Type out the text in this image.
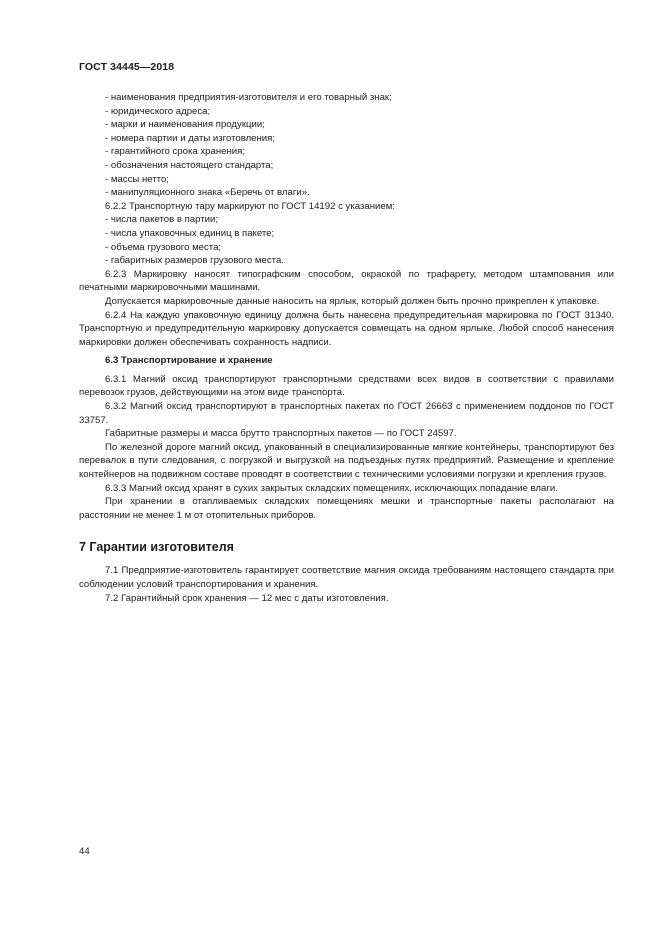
ГОСТ 34445—2018

- наименования предприятия-изготовителя и его товарный знак;

- юридического адреса;

- марки и наименования продукции;

- номера партии и даты изготовления;

- гарантийного срока хранения;

- обозначения настоящего стандарта;

- массы нетто;

- манипуляционного знака «Беречь от влаги».

6.2.2 Транспортную тару маркируют по ГОСТ 14192 с указанием:

- числа пакетов в партии;

- числа упаковочных единиц в пакете;

- объема грузового места;

- габаритных размеров грузового места.

6.2.3 Маркировку наносят типографским способом, окраской по трафарету, методом штампования или печатными маркировочными машинами.

Допускается маркировочные данные наносить на ярлык, который должен быть прочно прикреплен к упаковке.

6.2.4 На каждую упаковочную единицу должна быть нанесена предупредительная маркировка по ГОСТ 31340. Транспортную и предупредительную маркировку допускается совмещать на одном ярлыке. Любой способ нанесения маркировки должен обеспечивать сохранность надписи.

6.3 Транспортирование и хранение

6.3.1 Магний оксид транспортируют транспортными средствами всех видов в соответствии с правилами перевозок грузов, действующими на этом виде транспорта.

6.3.2 Магний оксид транспортируют в транспортных пакетах по ГОСТ 26663 с применением поддонов по ГОСТ 33757.

Габаритные размеры и масса брутто транспортных пакетов — по ГОСТ 24597.

По железной дороге магний оксид, упакованный в специализированные мягкие контейнеры, транспортируют без перевалок в пути следования, с погрузкой и выгрузкой на подъездных путях предприятий. Размещение и крепление контейнеров на подвижном составе проводят в соответствии с техническими условиями погрузки и крепления грузов.

6.3.3 Магний оксид хранят в сухих закрытых складских помещениях, исключающих попадание влаги.

При хранении в отапливаемых складских помещениях мешки и транспортные пакеты располагают на расстоянии не менее 1 м от отопительных приборов.

7 Гарантии изготовителя

7.1 Предприятие-изготовитель гарантирует соответствие магния оксида требованиям настоящего стандарта при соблюдении условий транспортирования и хранения.

7.2 Гарантийный срок хранения — 12 мес с даты изготовления.

44
